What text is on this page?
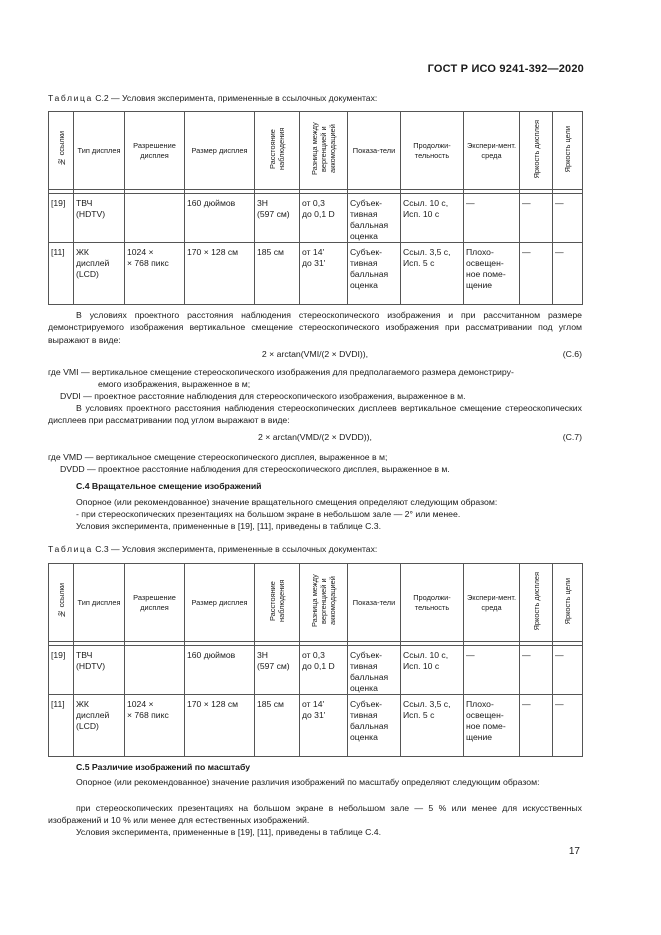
ГОСТ Р ИСО 9241-392—2020
Таблица С.2 — Условия эксперимента, примененные в ссылочных документах:
№ ссылки	Тип дисплея	Разрешение дисплея	Размер дисплея	Расстояние наблюдения	Разница между вергенцией и аккомодацией	Показа-тели	Продолжи-тельность	Экспери-мент. среда	Яркость дисплея	Яркость цели

[19]	ТВЧ
(HDTV)		160 дюймов	3H
(597 см)	от 0,3
до 0,1 D	Субъек-
тивная
балльная
оценка	Ссыл. 10 с,
Исп. 10 с	—	—	—
[11]	ЖК
дисплей
(LCD)	1024 ×
× 768 пикс	170 × 128 см	185 см	от 14'
до 31'	Субъек-
тивная
балльная
оценка	Ссыл. 3,5 с,
Исп. 5 с	Плохо-
освещен-
ное поме-
щение	—	—
В условиях проектного расстояния наблюдения стереоскопического изображения и при рассчитанном размере демонстрируемого изображения вертикальное смещение стереоскопического изображения при рассматривании под углом выражают в виде:
2 × arctan(VMI/(2 × DVDI)),	(С.6)
где VMI — вертикальное смещение стереоскопического изображения для предполагаемого размера демонстриру-
емого изображения, выраженное в м;
DVDI — проектное расстояние наблюдения для стереоскопического изображения, выраженное в м.
В условиях проектного расстояния наблюдения стереоскопических дисплеев вертикальное смещение стереоскопических дисплеев при рассматривании под углом выражают в виде:
2 × arctan(VMD/(2 × DVDD)),	(С.7)
где VMD — вертикальное смещение стереоскопического дисплея, выраженное в м;
DVDD — проектное расстояние наблюдения для стереоскопического дисплея, выраженное в м.
С.4 Вращательное смещение изображений
Опорное (или рекомендованное) значение вращательного смещения определяют следующим образом:
- при стереоскопических презентациях на большом экране в небольшом зале — 2° или менее.
Условия эксперимента, примененные в [19], [11], приведены в таблице С.3.
Таблица С.3 — Условия эксперимента, примененные в ссылочных документах:
№ ссылки	Тип дисплея	Разрешение дисплея	Размер дисплея	Расстояние наблюдения	Разница между вергенцией и аккомодацией	Показа-тели	Продолжи-тельность	Экспери-мент. среда	Яркость дисплея	Яркость цели

[19]	ТВЧ
(HDTV)		160 дюймов	3H
(597 см)	от 0,3
до 0,1 D	Субъек-
тивная
балльная
оценка	Ссыл. 10 с,
Исп. 10 с	—	—	—
[11]	ЖК
дисплей
(LCD)	1024 ×
× 768 пикс	170 × 128 см	185 см	от 14'
до 31'	Субъек-
тивная
балльная
оценка	Ссыл. 3,5 с,
Исп. 5 с	Плохо-
освещен-
ное поме-
щение	—	—
С.5 Различие изображений по масштабу
Опорное (или рекомендованное) значение различия изображений по масштабу определяют следующим образом:
при стереоскопических презентациях на большом экране в небольшом зале — 5 % или менее для искусственных изображений и 10 % или менее для естественных изображений.
Условия эксперимента, примененные в [19], [11], приведены в таблице С.4.
17
